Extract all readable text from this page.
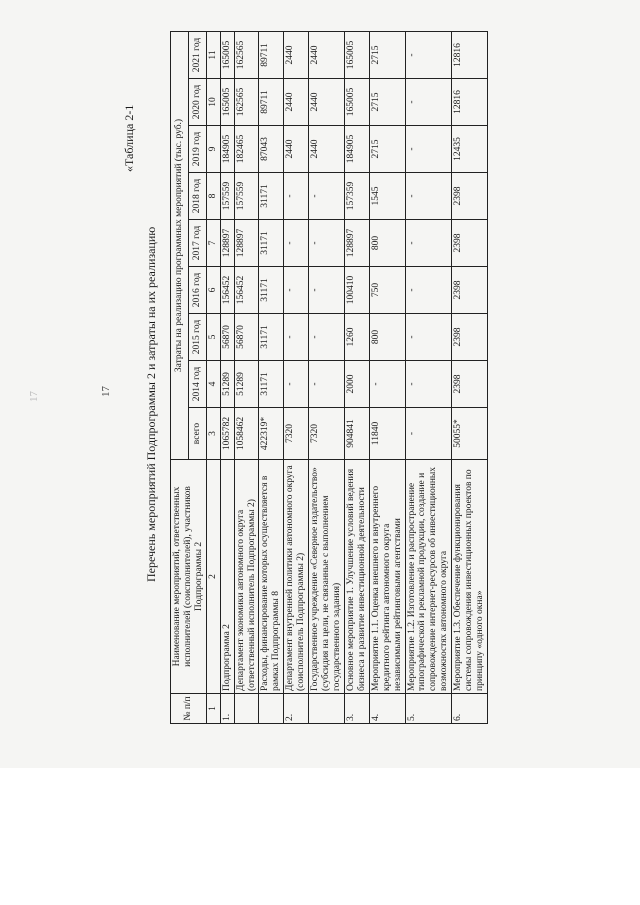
17	17
«Таблица 2-1
Перечень мероприятий Подпрограммы 2 и затраты на их реализацию
№ п/п	Наименование мероприятий, ответственных исполнителей (соисполнителей), участников Подпрограммы 2	Затраты на реализацию программных мероприятий (тыс. руб.)								
		всего	2014 год	2015 год	2016 год	2017 год	2018 год	2019 год	2020 год	2021 год
1	2	3	4	5	6	7	8	9	10	11
1.	Подпрограмма 2	1065782	51289	56870	156452	128897	157559	184905	165005	165005
	Департамент экономики автономного округа (ответственный исполнитель Подпрограммы 2)	1058462	51289	56870	156452	128897	157559	182465	162565	162565
	Расходы, финансирование которых осуществляется в рамках Подпрограммы 8	422319*	31171	31171	31171	31171	31171	87043	89711	89711
2.	Департамент внутренней политики автономного округа (соисполнитель Подпрограммы 2)	7320	-	-	-	-	-	2440	2440	2440
	Государственное учреждение «Северное издательство» (субсидия на цели, не связанные с выполнением государственного задания)	7320	-	-	-	-	-	2440	2440	2440
3.	Основное мероприятие 1. Улучшение условий ведения бизнеса и развитие инвестиционной деятельности	904841	2000	1260	100410	128897	157359	184905	165005	165005
4.	Мероприятие 1.1. Оценка внешнего и внутреннего кредитного рейтинга автономного округа независимыми рейтинговыми агентствами	11840	-	800	750	800	1545	2715	2715	2715
5.	Мероприятие 1.2. Изготовление и распространение типографической и рекламной продукции, создание и сопровождение интернет-ресурсов об инвестиционных возможностях автономного округа	-	-	-	-	-	-	-	-	-
6.	Мероприятие 1.3. Обеспечение функционирования системы сопровождения инвестиционных проектов по принципу «одного окна»	50055*	2398	2398	2398	2398	2398	12435	12816	12816
